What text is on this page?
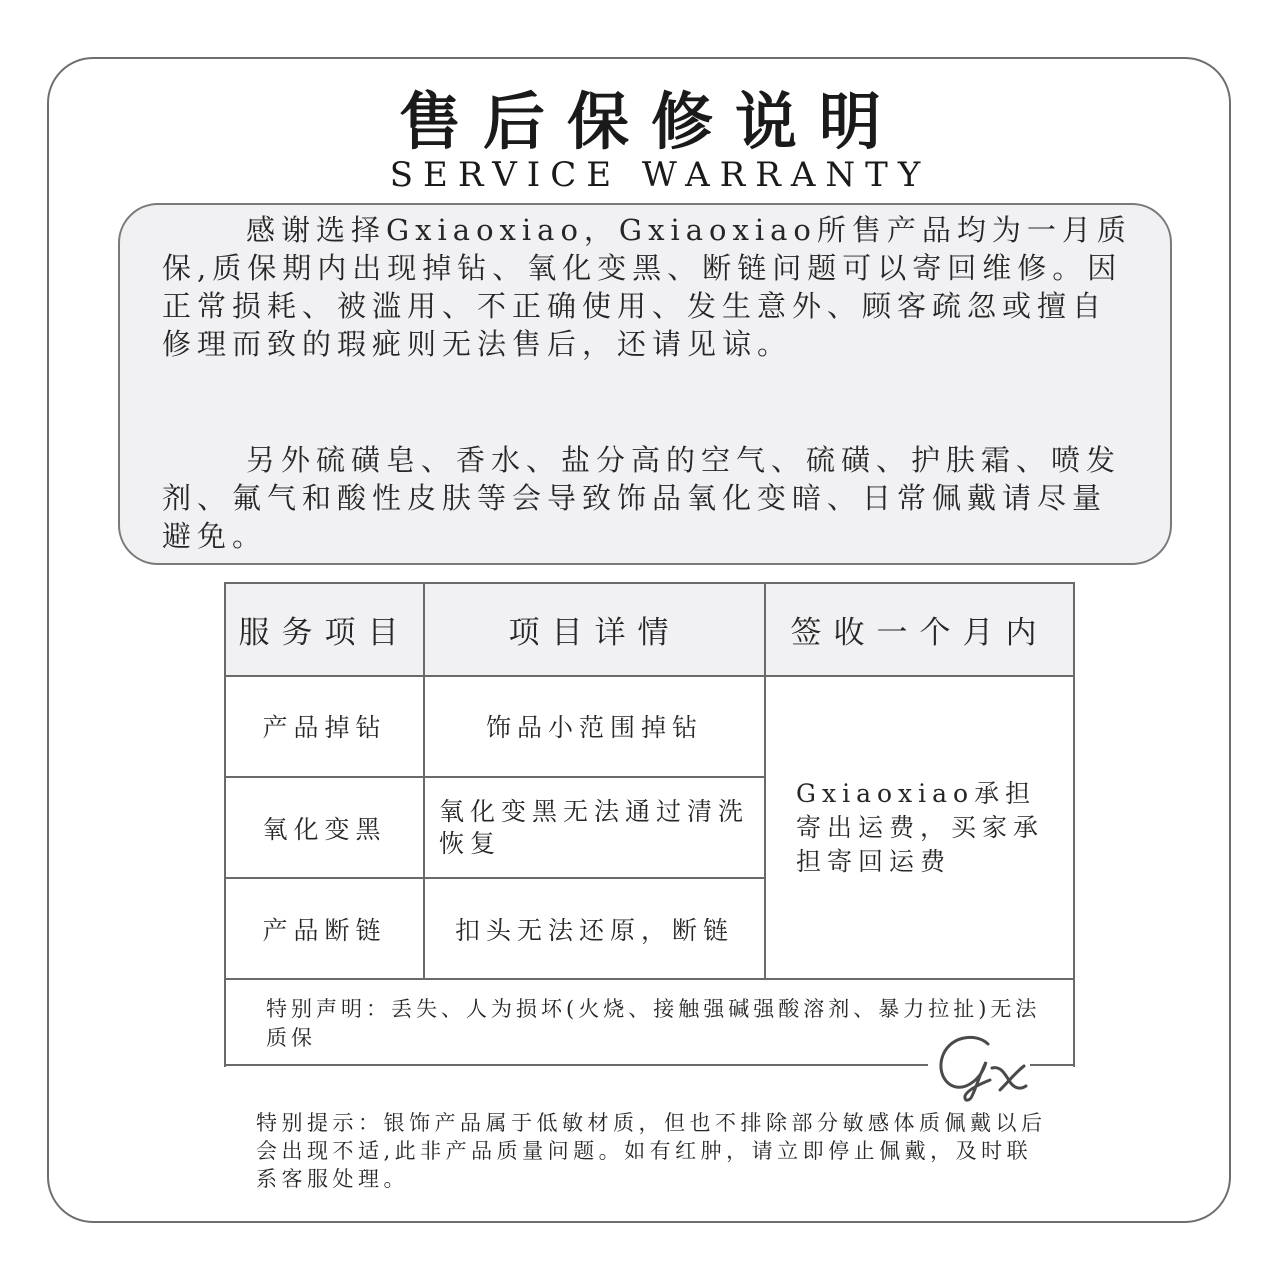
售后保修说明
SERVICE WARRANTY

感谢选择Gxiaoxiao，Gxiaoxiao所售产品均为一月质保,质保期内出现掉钻、氧化变黑、断链问题可以寄回维修。因正常损耗、被滥用、不正确使用、发生意外、顾客疏忽或擅自修理而致的瑕疵则无法售后，还请见谅。

另外硫磺皂、香水、盐分高的空气、硫磺、护肤霜、喷发剂、氟气和酸性皮肤等会导致饰品氧化变暗、日常佩戴请尽量避免。

服务项目	项目详情	签收一个月内
产品掉钻	饰品小范围掉钻	Gxiaoxiao承担寄出运费，买家承担寄回运费
氧化变黑	氧化变黑无法通过清洗恢复	
产品断链	扣头无法还原，断链	
特别声明：丢失、人为损坏(火烧、接触强碱强酸溶剂、暴力拉扯)无法质保		
特别提示：银饰产品属于低敏材质，但也不排除部分敏感体质佩戴以后会出现不适,此非产品质量问题。如有红肿，请立即停止佩戴，及时联系客服处理。
